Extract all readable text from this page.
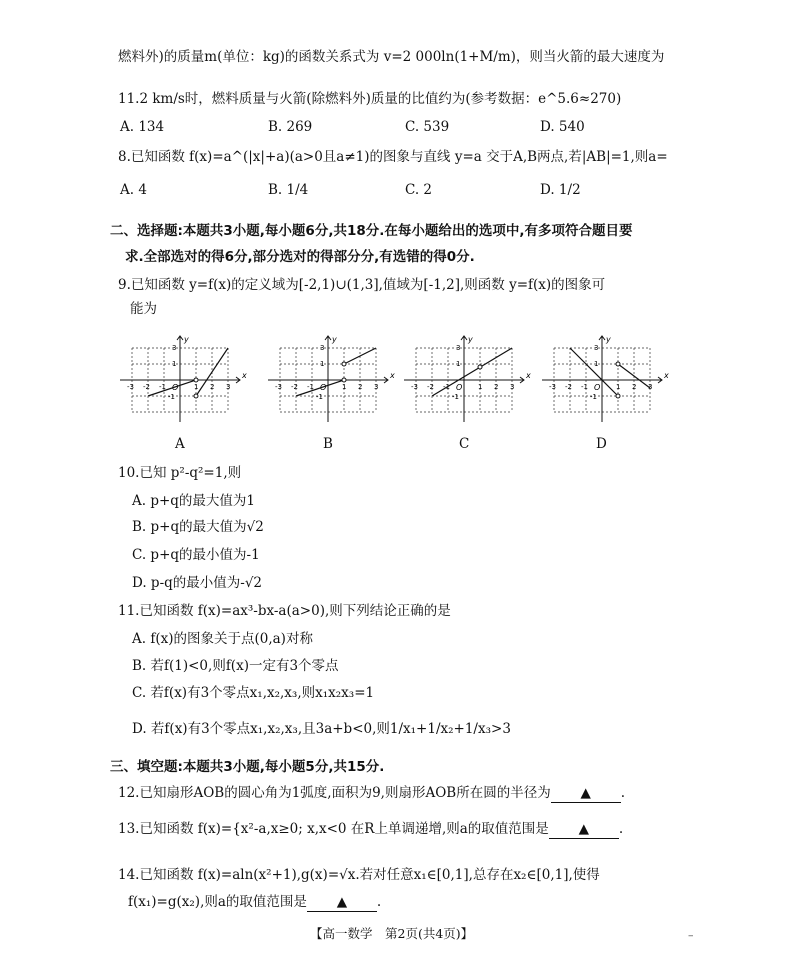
燃料外)的质量m(单位：kg)的函数关系式为 v=2 000ln(1+M/m)，则当火箭的最大速度为
11.2 km/s时，燃料质量与火箭(除燃料外)质量的比值约为(参考数据：e^5.6≈270)
A. 134	B. 269	C. 539	D. 540
8.已知函数 f(x)=a^(|x|+a)(a>0且a≠1)的图象与直线 y=a 交于A,B两点,若|AB|=1,则a=
A. 4	B. 1/4	C. 2	D. 1/2
二、选择题:本题共3小题,每小题6分,共18分.在每小题给出的选项中,有多项符合题目要
求.全部选对的得6分,部分选对的得部分分,有选错的得0分.
9.已知函数 y=f(x)的定义域为[-2,1)∪(1,3],值域为[-1,2],则函数 y=f(x)的图象可
能为
1	2	3
A	B	C	D
10.已知 p²-q²=1,则
A. p+q的最大值为1
B. p+q的最大值为√2
C. p+q的最小值为-1
D. p-q的最小值为-√2
11.已知函数 f(x)=ax³-bx-a(a>0),则下列结论正确的是
A. f(x)的图象关于点(0,a)对称
B. 若f(1)<0,则f(x)一定有3个零点
C. 若f(x)有3个零点x₁,x₂,x₃,则x₁x₂x₃=1
D. 若f(x)有3个零点x₁,x₂,x₃,且3a+b<0,则1/x₁+1/x₂+1/x₃>3
三、填空题:本题共3小题,每小题5分,共15分.
12.已知扇形AOB的圆心角为1弧度,面积为9,则扇形AOB所在圆的半径为 ▲ .
13.已知函数 f(x)={x²-a,x≥0; x,x<0 在R上单调递增,则a的取值范围是 ▲ .
14.已知函数 f(x)=aln(x²+1),g(x)=√x.若对任意x₁∈[0,1],总存在x₂∈[0,1],使得
f(x₁)=g(x₂),则a的取值范围是 ▲ .
【高一数学　第2页(共4页)】	–
